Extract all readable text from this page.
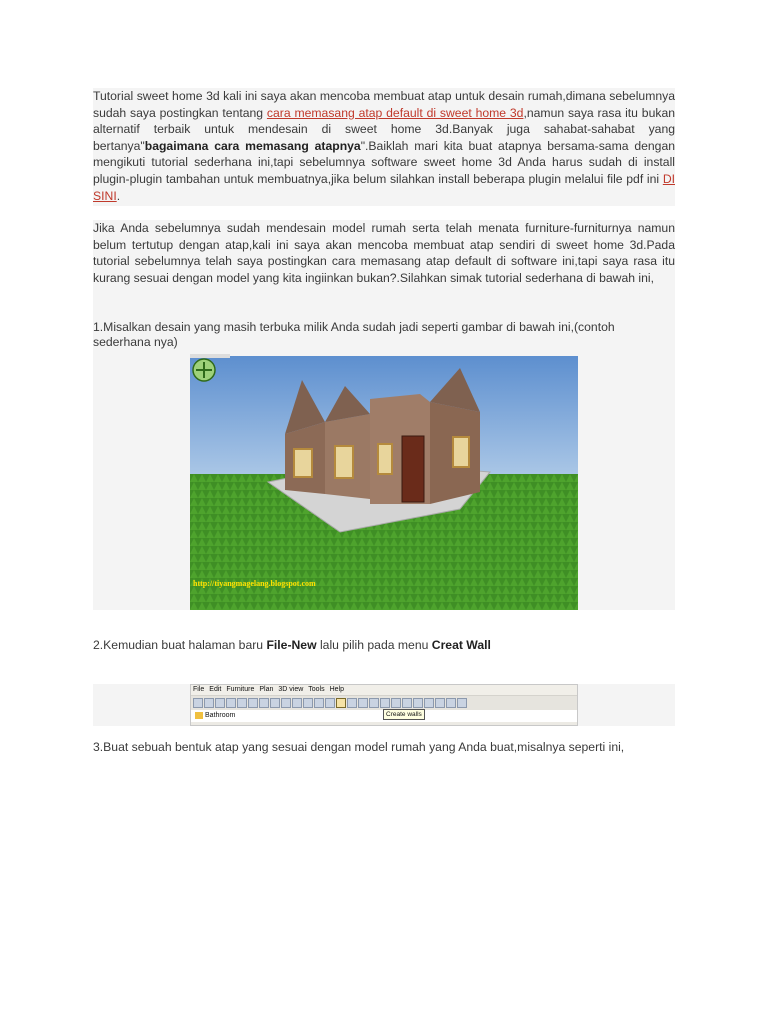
Tutorial sweet home 3d kali ini saya akan mencoba membuat atap untuk desain rumah,dimana sebelumnya sudah saya postingkan tentang cara memasang atap default di sweet home 3d,namun saya rasa itu bukan alternatif terbaik untuk mendesain di sweet home 3d.Banyak juga sahabat-sahabat yang bertanya"bagaimana cara memasang atapnya".Baiklah mari kita buat atapnya bersama-sama dengan mengikuti tutorial sederhana ini,tapi sebelumnya software sweet home 3d Anda harus sudah di install plugin-plugin tambahan untuk membuatnya,jika belum silahkan install beberapa plugin melalui file pdf ini DI SINI.

Jika Anda sebelumnya sudah mendesain model rumah serta telah menata furniture-furniturnya namun belum tertutup dengan atap,kali ini saya akan mencoba membuat atap sendiri di sweet home 3d.Pada tutorial sebelumnya telah saya postingkan cara memasang atap default di software ini,tapi saya rasa itu kurang sesuai dengan model yang kita ingiinkan bukan?.Silahkan simak tutorial sederhana di bawah ini,

1.Misalkan desain yang masih terbuka milik Anda sudah jadi seperti gambar di bawah ini,(contoh sederhana nya)

http://tiyangmagelang.blogspot.com

2.Kemudian buat halaman baru File-New lalu pilih pada menu Creat Wall

File Edit Furniture Plan 3D view Tools Help
Bathroom	Create walls

3.Buat sebuah bentuk atap yang sesuai dengan model rumah yang Anda buat,misalnya seperti ini,
